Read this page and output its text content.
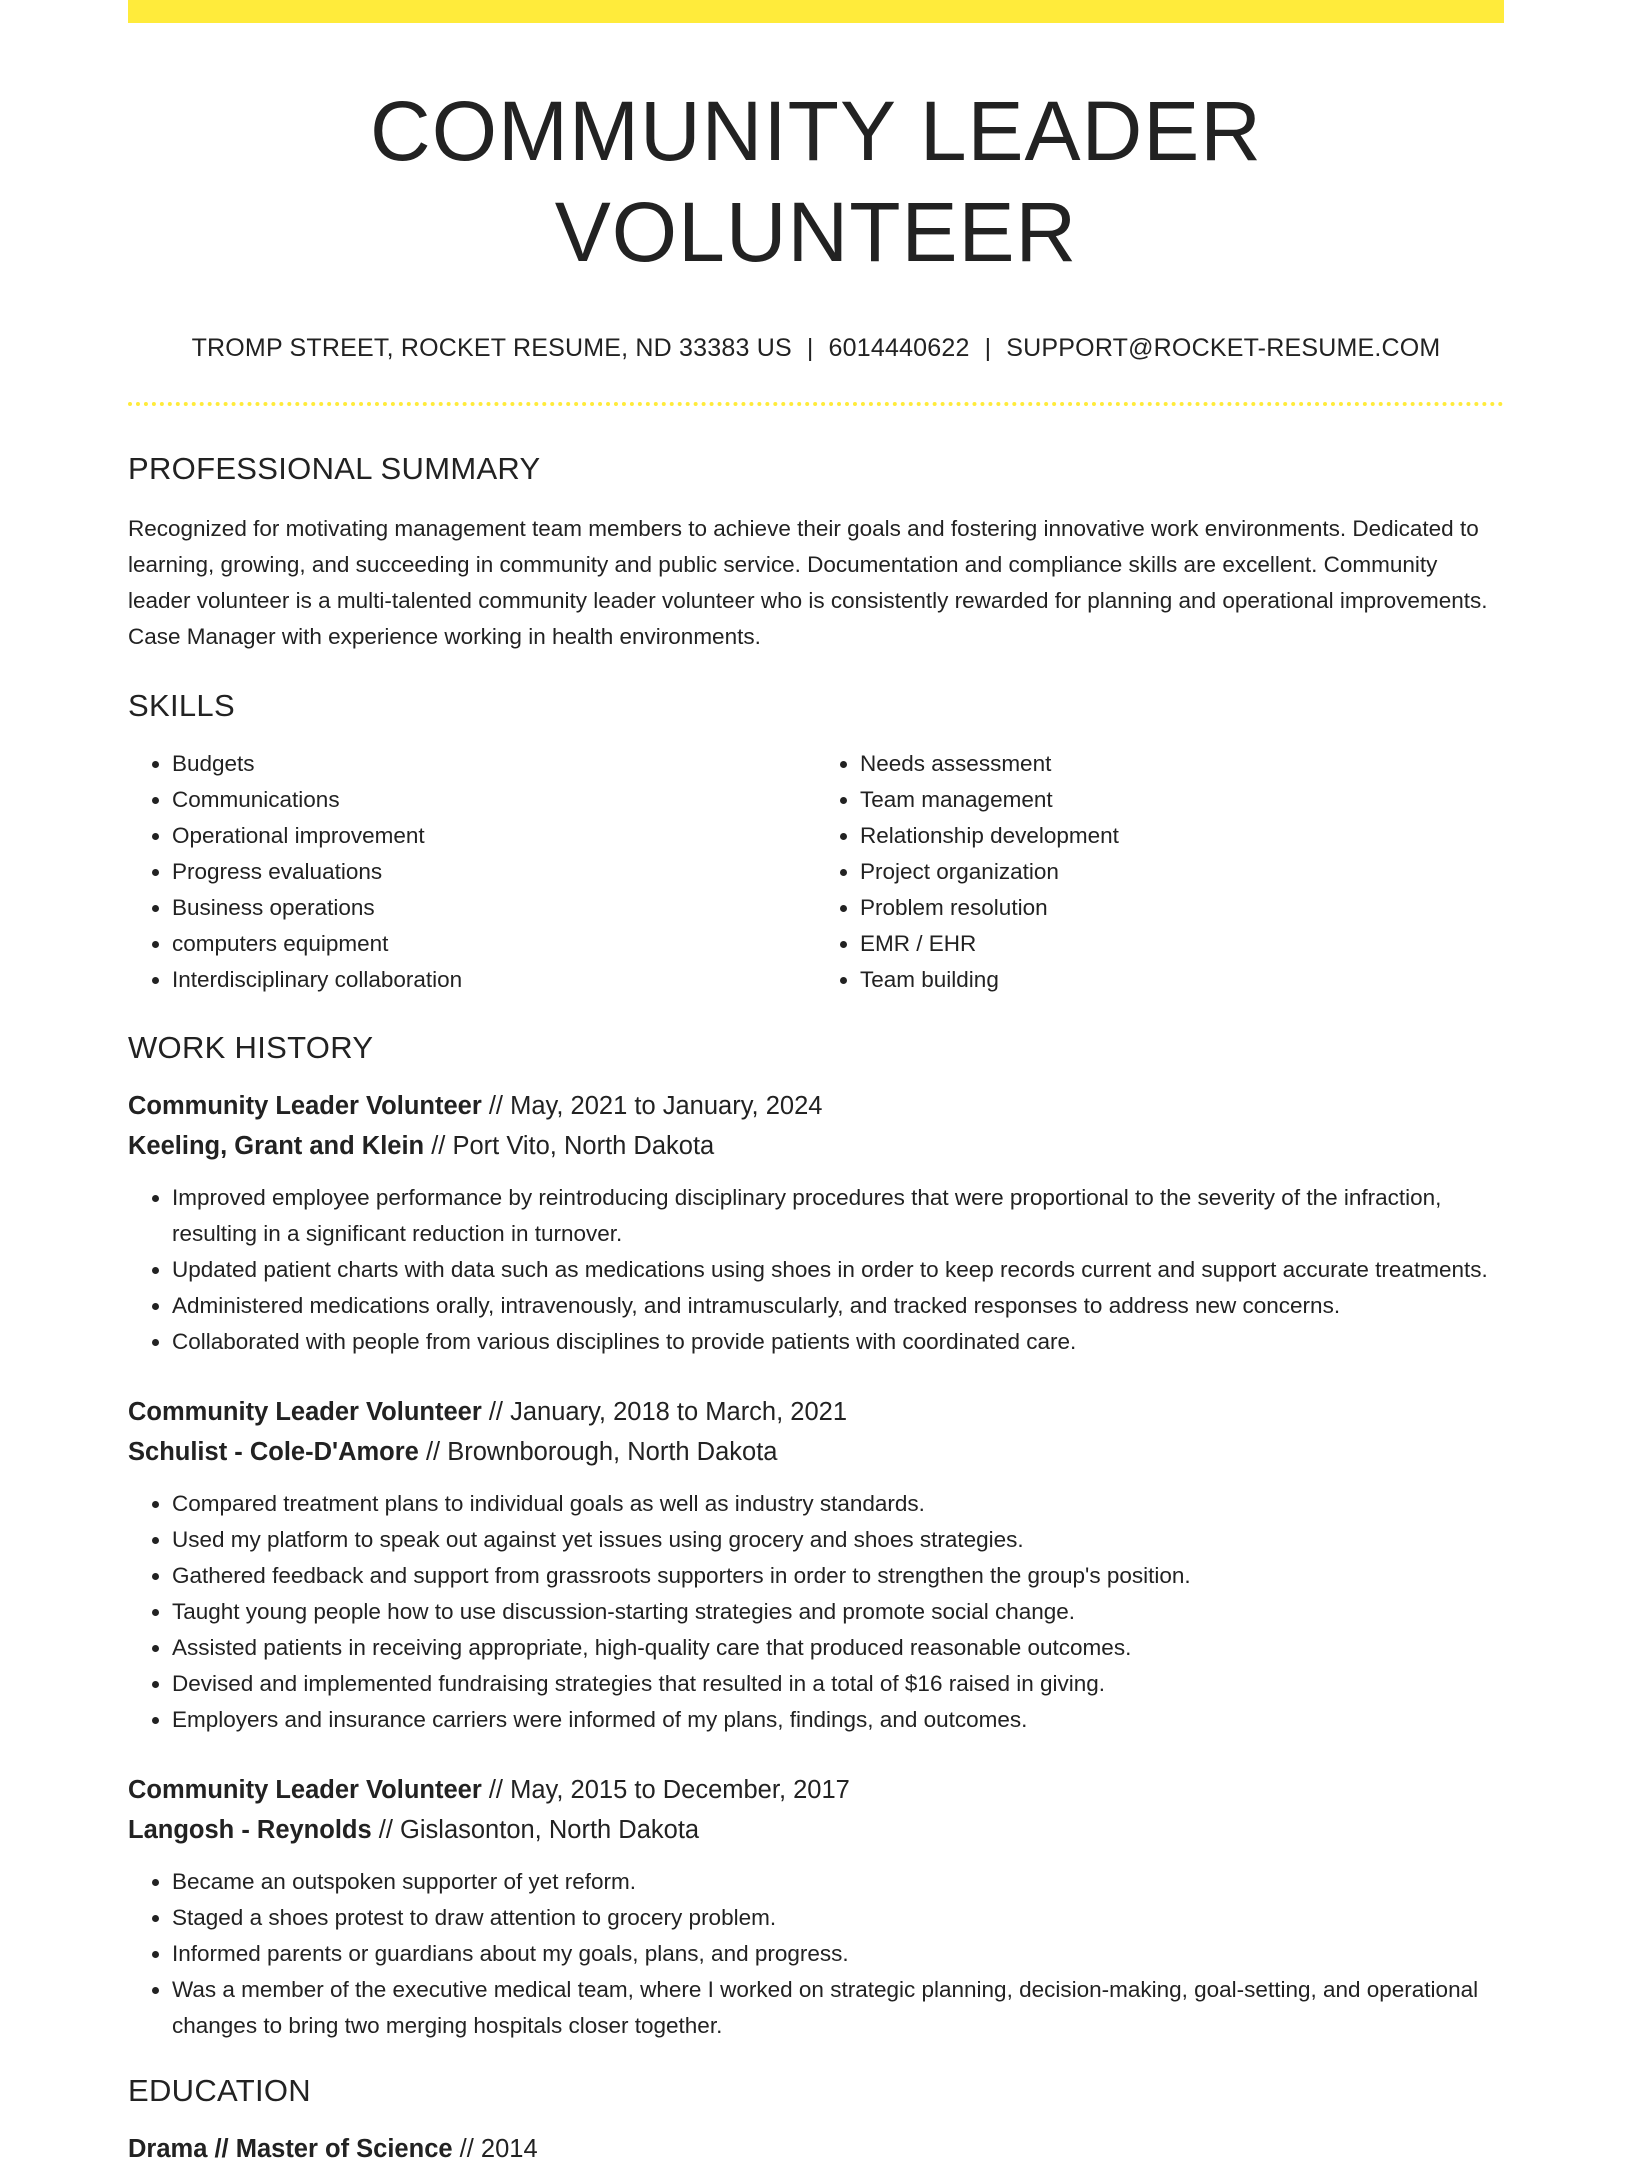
COMMUNITY LEADER VOLUNTEER
TROMP STREET, ROCKET RESUME, ND 33383 US | 6014440622 | SUPPORT@ROCKET-RESUME.COM
PROFESSIONAL SUMMARY
Recognized for motivating management team members to achieve their goals and fostering innovative work environments. Dedicated to learning, growing, and succeeding in community and public service. Documentation and compliance skills are excellent. Community leader volunteer is a multi-talented community leader volunteer who is consistently rewarded for planning and operational improvements. Case Manager with experience working in health environments.
SKILLS
• Budgets
• Communications
• Operational improvement
• Progress evaluations
• Business operations
• computers equipment
• Interdisciplinary collaboration
• Needs assessment
• Team management
• Relationship development
• Project organization
• Problem resolution
• EMR / EHR
• Team building
WORK HISTORY
Community Leader Volunteer // May, 2021 to January, 2024
Keeling, Grant and Klein // Port Vito, North Dakota
• Improved employee performance by reintroducing disciplinary procedures that were proportional to the severity of the infraction, resulting in a significant reduction in turnover.
• Updated patient charts with data such as medications using shoes in order to keep records current and support accurate treatments.
• Administered medications orally, intravenously, and intramuscularly, and tracked responses to address new concerns.
• Collaborated with people from various disciplines to provide patients with coordinated care.
Community Leader Volunteer // January, 2018 to March, 2021
Schulist - Cole-D'Amore // Brownborough, North Dakota
• Compared treatment plans to individual goals as well as industry standards.
• Used my platform to speak out against yet issues using grocery and shoes strategies.
• Gathered feedback and support from grassroots supporters in order to strengthen the group's position.
• Taught young people how to use discussion-starting strategies and promote social change.
• Assisted patients in receiving appropriate, high-quality care that produced reasonable outcomes.
• Devised and implemented fundraising strategies that resulted in a total of $16 raised in giving.
• Employers and insurance carriers were informed of my plans, findings, and outcomes.
Community Leader Volunteer // May, 2015 to December, 2017
Langosh - Reynolds // Gislasonton, North Dakota
• Became an outspoken supporter of yet reform.
• Staged a shoes protest to draw attention to grocery problem.
• Informed parents or guardians about my goals, plans, and progress.
• Was a member of the executive medical team, where I worked on strategic planning, decision-making, goal-setting, and operational changes to bring two merging hospitals closer together.
EDUCATION
Drama // Master of Science // 2014
